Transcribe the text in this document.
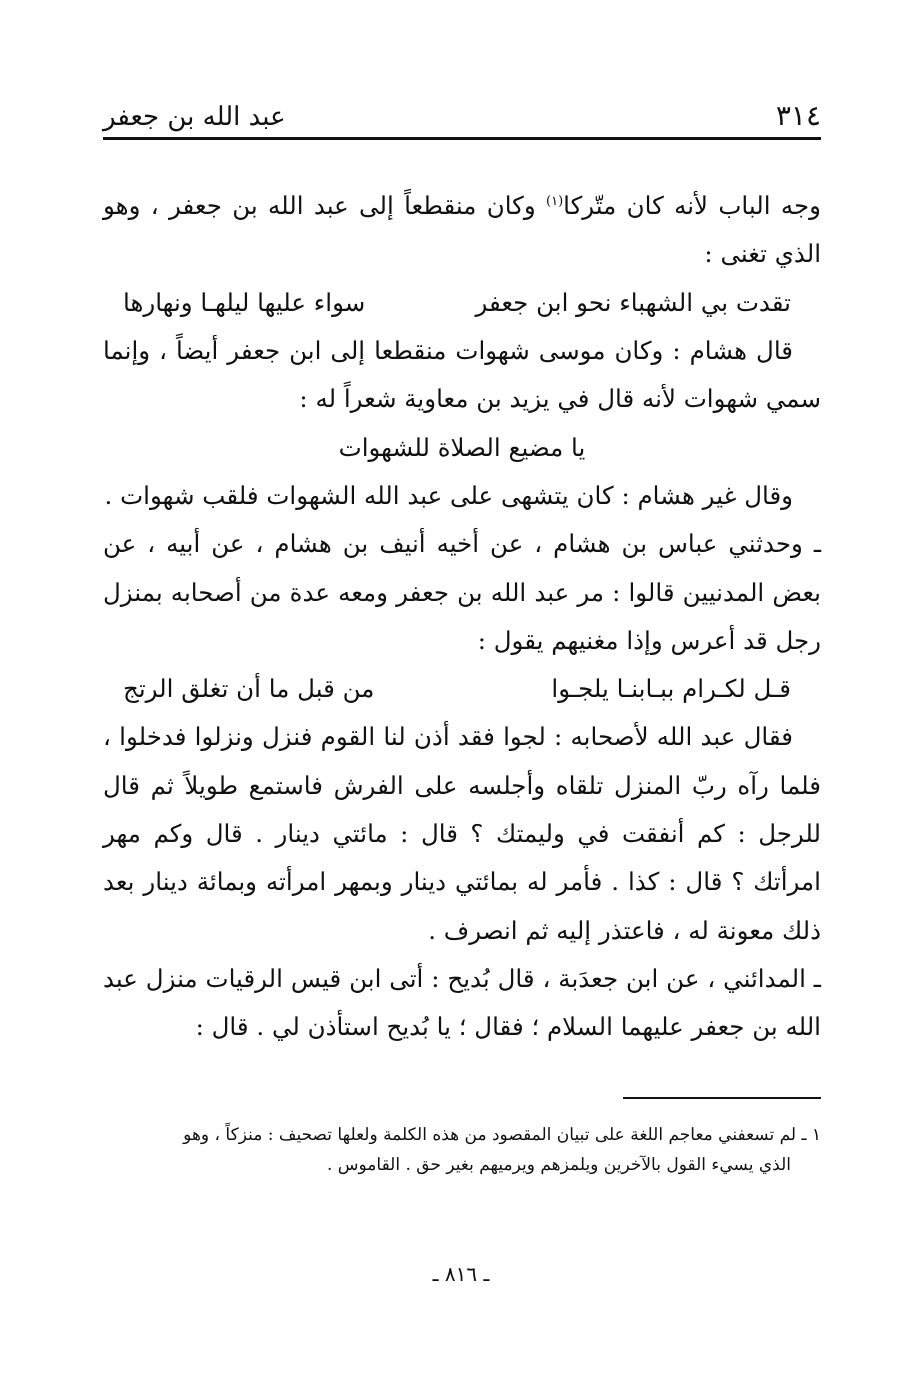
عبد الله بن جعفر	٣١٤

وجه الباب لأنه كان متّركا$^{(١)}$ وكان منقطعاً إلى عبد الله بن جعفر ، وهو الذي تغنى :

تقدت بي الشهباء نحو ابن جعفر
سواء عليها ليلهـا ونهارها

قال هشام : وكان موسى شهوات منقطعا إلى ابن جعفر أيضاً ، وإنما سمي شهوات لأنه قال في يزيد بن معاوية شعراً له :

يا مضيع الصلاة للشهوات

وقال غير هشام : كان يتشهى على عبد الله الشهوات فلقب شهوات .

ـ وحدثني عباس بن هشام ، عن أخيه أنيف بن هشام ، عن أبيه ، عن بعض المدنيين قالوا : مر عبد الله بن جعفر ومعه عدة من أصحابه بمنزل رجل قد أعرس وإذا مغنيهم يقول :

قـل لكـرام ببـابنـا يلجـوا
من قبل ما أن تغلق الرتج

فقال عبد الله لأصحابه : لجوا فقد أذن لنا القوم فنزل ونزلوا فدخلوا ، فلما رآه ربّ المنزل تلقاه وأجلسه على الفرش فاستمع طويلاً ثم قال للرجل : كم أنفقت في وليمتك ؟ قال : مائتي دينار . قال وكم مهر امرأتك ؟ قال : كذا . فأمر له بمائتي دينار وبمهر امرأته وبمائة دينار بعد ذلك معونة له ، فاعتذر إليه ثم انصرف .

ـ المدائني ، عن ابن جعدَبة ، قال بُديح : أتى ابن قيس الرقيات منزل عبد الله بن جعفر عليهما السلام ؛ فقال ؛ يا بُديح استأذن لي . قال :

١ ـ لم تسعفني معاجم اللغة على تبيان المقصود من هذه الكلمة ولعلها تصحيف : منزكاً ، وهو

الذي يسيء القول بالآخرين ويلمزهم ويرميهم بغير حق . القاموس .

ـ ٨١٦ ـ
